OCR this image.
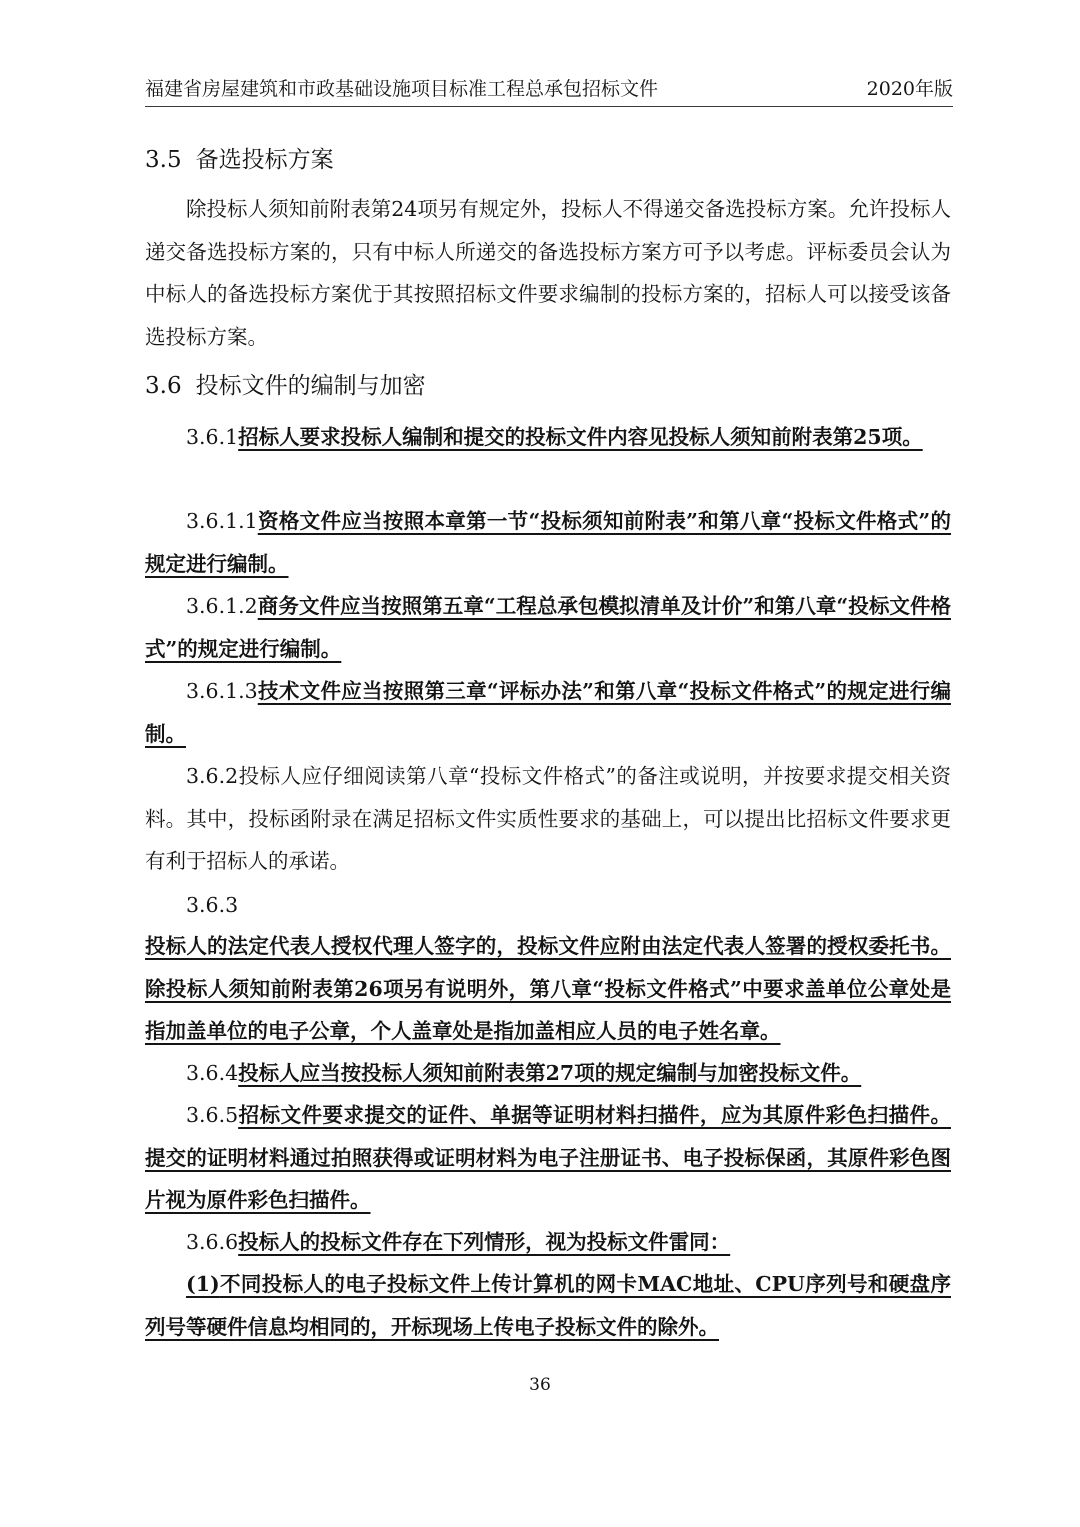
福建省房屋建筑和市政基础设施项目标准工程总承包招标文件	2020年版
3.5 备选投标方案
除投标人须知前附表第24项另有规定外，投标人不得递交备选投标方案。允许投标人递交备选投标方案的，只有中标人所递交的备选投标方案方可予以考虑。评标委员会认为中标人的备选投标方案优于其按照招标文件要求编制的投标方案的，招标人可以接受该备选投标方案。
3.6 投标文件的编制与加密
3.6.1招标人要求投标人编制和提交的投标文件内容见投标人须知前附表第25项。
3.6.1.1资格文件应当按照本章第一节“投标须知前附表”和第八章“投标文件格式”的规定进行编制。
3.6.1.2商务文件应当按照第五章“工程总承包模拟清单及计价”和第八章“投标文件格式”的规定进行编制。
3.6.1.3技术文件应当按照第三章“评标办法”和第八章“投标文件格式”的规定进行编制。
3.6.2投标人应仔细阅读第八章“投标文件格式”的备注或说明，并按要求提交相关资料。其中，投标函附录在满足招标文件实质性要求的基础上，可以提出比招标文件要求更有利于招标人的承诺。
3.6.3
投标人的法定代表人授权代理人签字的，投标文件应附由法定代表人签署的授权委托书。除投标人须知前附表第26项另有说明外，第八章“投标文件格式”中要求盖单位公章处是指加盖单位的电子公章，个人盖章处是指加盖相应人员的电子姓名章。
3.6.4投标人应当按投标人须知前附表第27项的规定编制与加密投标文件。
3.6.5招标文件要求提交的证件、单据等证明材料扫描件，应为其原件彩色扫描件。提交的证明材料通过拍照获得或证明材料为电子注册证书、电子投标保函，其原件彩色图片视为原件彩色扫描件。
3.6.6投标人的投标文件存在下列情形，视为投标文件雷同：
(1)不同投标人的电子投标文件上传计算机的网卡MAC地址、CPU序列号和硬盘序列号等硬件信息均相同的，开标现场上传电子投标文件的除外。
36
